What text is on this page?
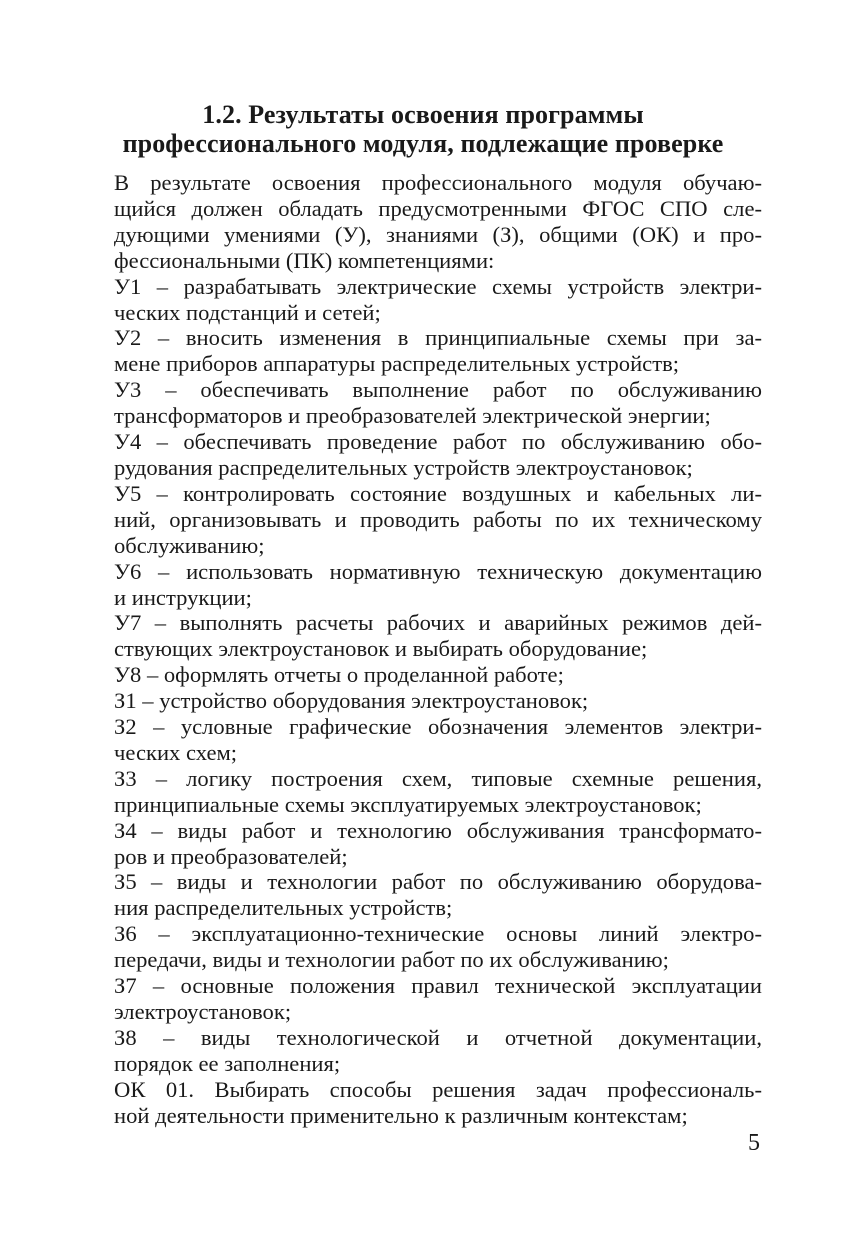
1.2. Результаты освоения программы
профессионального модуля, подлежащие проверке

В результате освоения профессионального модуля обучаю-
щийся должен обладать предусмотренными ФГОС СПО сле-
дующими умениями (У), знаниями (З), общими (ОК) и про-
фессиональными (ПК) компетенциями:

У1 – разрабатывать электрические схемы устройств электри-
ческих подстанций и сетей;

У2 – вносить изменения в принципиальные схемы при за-
мене приборов аппаратуры распределительных устройств;

У3 – обеспечивать выполнение работ по обслуживанию
трансформаторов и преобразователей электрической энергии;

У4 – обеспечивать проведение работ по обслуживанию обо-
рудования распределительных устройств электроустановок;

У5 – контролировать состояние воздушных и кабельных ли-
ний, организовывать и проводить работы по их техническому
обслуживанию;

У6 – использовать нормативную техническую документацию
и инструкции;

У7 – выполнять расчеты рабочих и аварийных режимов дей-
ствующих электроустановок и выбирать оборудование;

У8 – оформлять отчеты о проделанной работе;

З1 – устройство оборудования электроустановок;

З2 – условные графические обозначения элементов электри-
ческих схем;

З3 – логику построения схем, типовые схемные решения,
принципиальные схемы эксплуатируемых электроустановок;

З4 – виды работ и технологию обслуживания трансформато-
ров и преобразователей;

З5 – виды и технологии работ по обслуживанию оборудова-
ния распределительных устройств;

З6 – эксплуатационно-технические основы линий электро-
передачи, виды и технологии работ по их обслуживанию;

З7 – основные положения правил технической эксплуатации
электроустановок;

З8 – виды технологической и отчетной документации,
порядок ее заполнения;

ОК 01. Выбирать способы решения задач профессиональ-
ной деятельности применительно к различным контекстам;

5
